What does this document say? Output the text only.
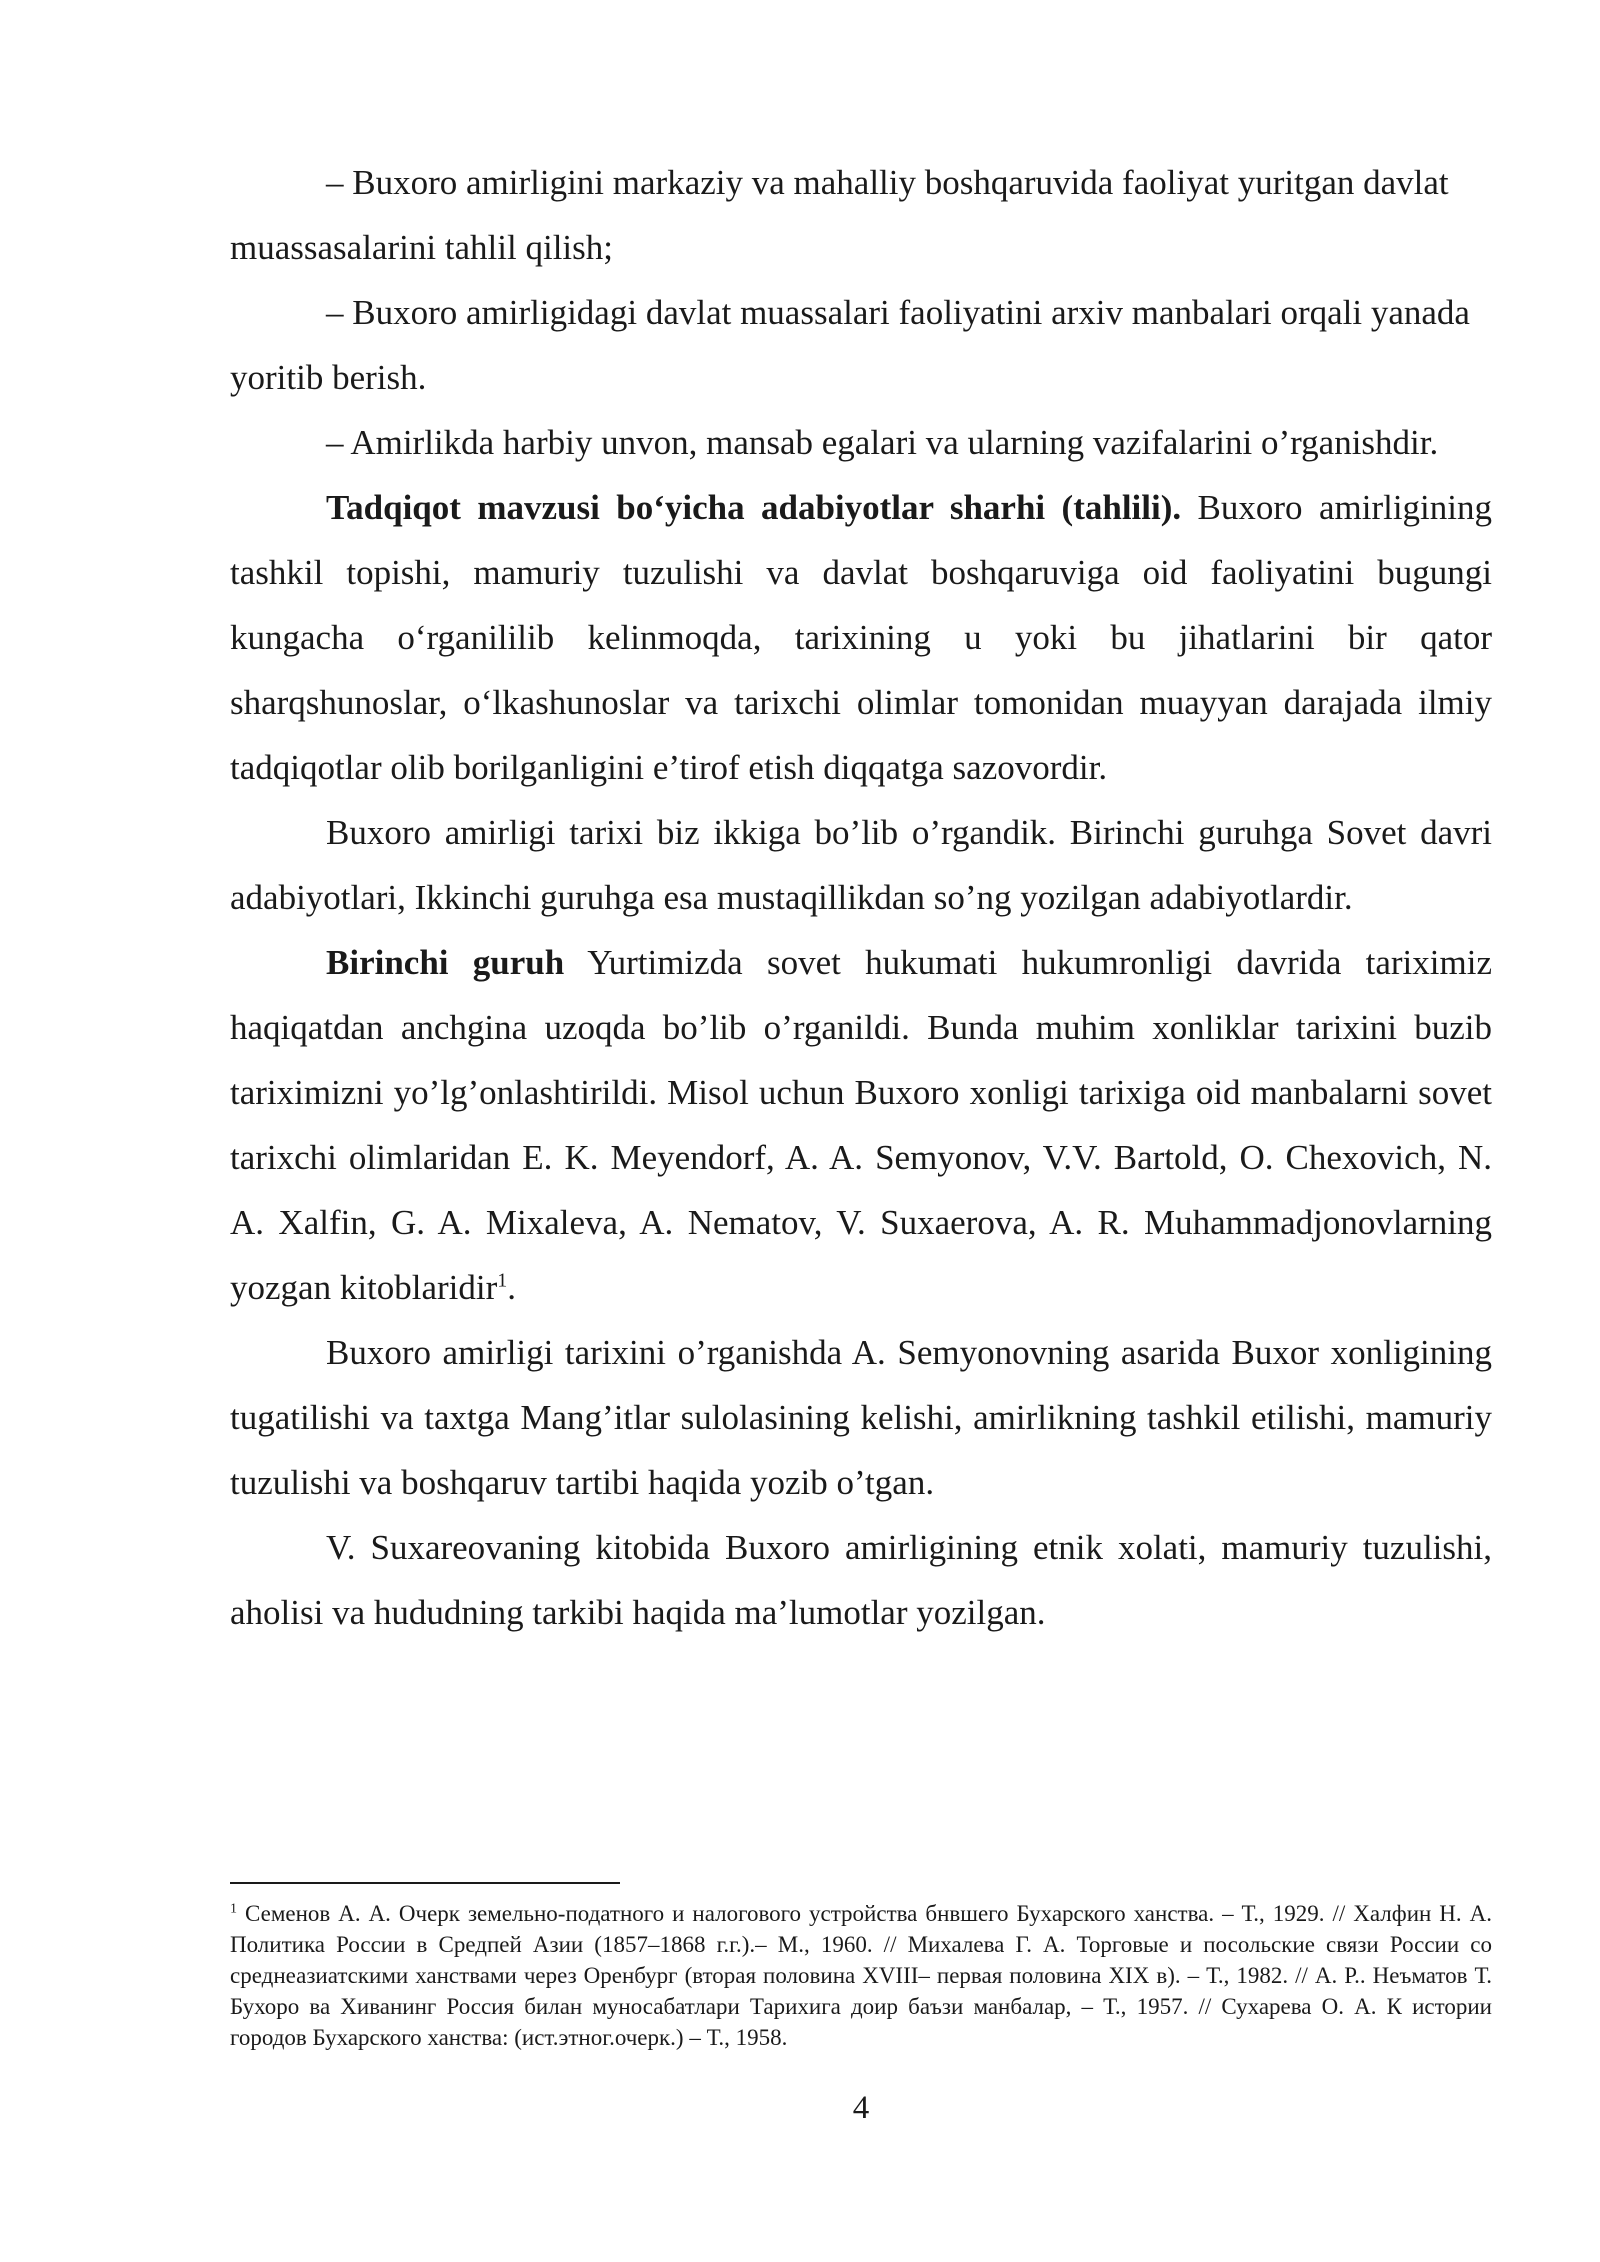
– Buxoro amirligini markaziy va mahalliy boshqaruvida faoliyat yuritgan davlat muassasalarini tahlil qilish;

– Buxoro amirligidagi davlat muassalari faoliyatini arxiv manbalari orqali yanada yoritib berish.

– Amirlikda harbiy unvon, mansab egalari va ularning vazifalarini o’rganishdir.

Tadqiqot mavzusi bo‘yicha adabiyotlar sharhi (tahlili). Buxoro amirligining tashkil topishi, mamuriy tuzulishi va davlat boshqaruviga oid faoliyatini bugungi kungacha o‘rganililib kelinmoqda, tarixining u yoki bu jihatlarini bir qator sharqshunoslar, o‘lkashunoslar va tarixchi olimlar tomonidan muayyan darajada ilmiy tadqiqotlar olib borilganligini e’tirof etish diqqatga sazovordir.

Buxoro amirligi tarixi biz ikkiga bo’lib o’rgandik. Birinchi guruhga Sovet davri adabiyotlari, Ikkinchi guruhga esa mustaqillikdan so’ng yozilgan adabiyotlardir.

Birinchi guruh Yurtimizda sovet hukumati hukumronligi davrida tariximiz haqiqatdan anchgina uzoqda bo’lib o’rganildi. Bunda muhim xonliklar tarixini buzib tariximizni yo’lg’onlashtirildi. Misol uchun Buxoro xonligi tarixiga oid manbalarni sovet tarixchi olimlaridan E. K. Meyendorf, A. A. Semyonov, V.V. Bartold, O. Chexovich, N. A. Xalfin, G. A. Mixaleva, A. Nematov, V. Suxaerova, A. R. Muhammadjonovlarning yozgan kitoblaridir$^1$.

Buxoro amirligi tarixini o’rganishda A. Semyonovning asarida Buxor xonligining tugatilishi va taxtga Mang’itlar sulolasining kelishi, amirlikning tashkil etilishi, mamuriy tuzulishi va boshqaruv tartibi haqida yozib o’tgan.

V. Suxareovaning kitobida Buxoro amirligining etnik xolati, mamuriy tuzulishi, aholisi va hududning tarkibi haqida ma’lumotlar yozilgan.

$^1$ Семенов А. А. Очерк земельно-податного и налогового устройства бнвшего Бухарского ханства. – Т., 1929. // Халфин Н. А. Политика России в Средпей Азии (1857–1868 г.г.).– М., 1960. // Михалева Г. А. Торговые и посольские связи России со среднеазиатскими ханствами через Оренбург (вторая половина XVIII– первая половина XIX в). – Т., 1982. // А. Р.. Неъматов Т. Бухоро ва Хиванинг Россия билан муносабатлари Тарихига доир баъзи манбалар, – Т., 1957. // Сухарева О. А. К истории городов Бухарского ханства: (ист.этног.очерк.) – Т., 1958.
4
